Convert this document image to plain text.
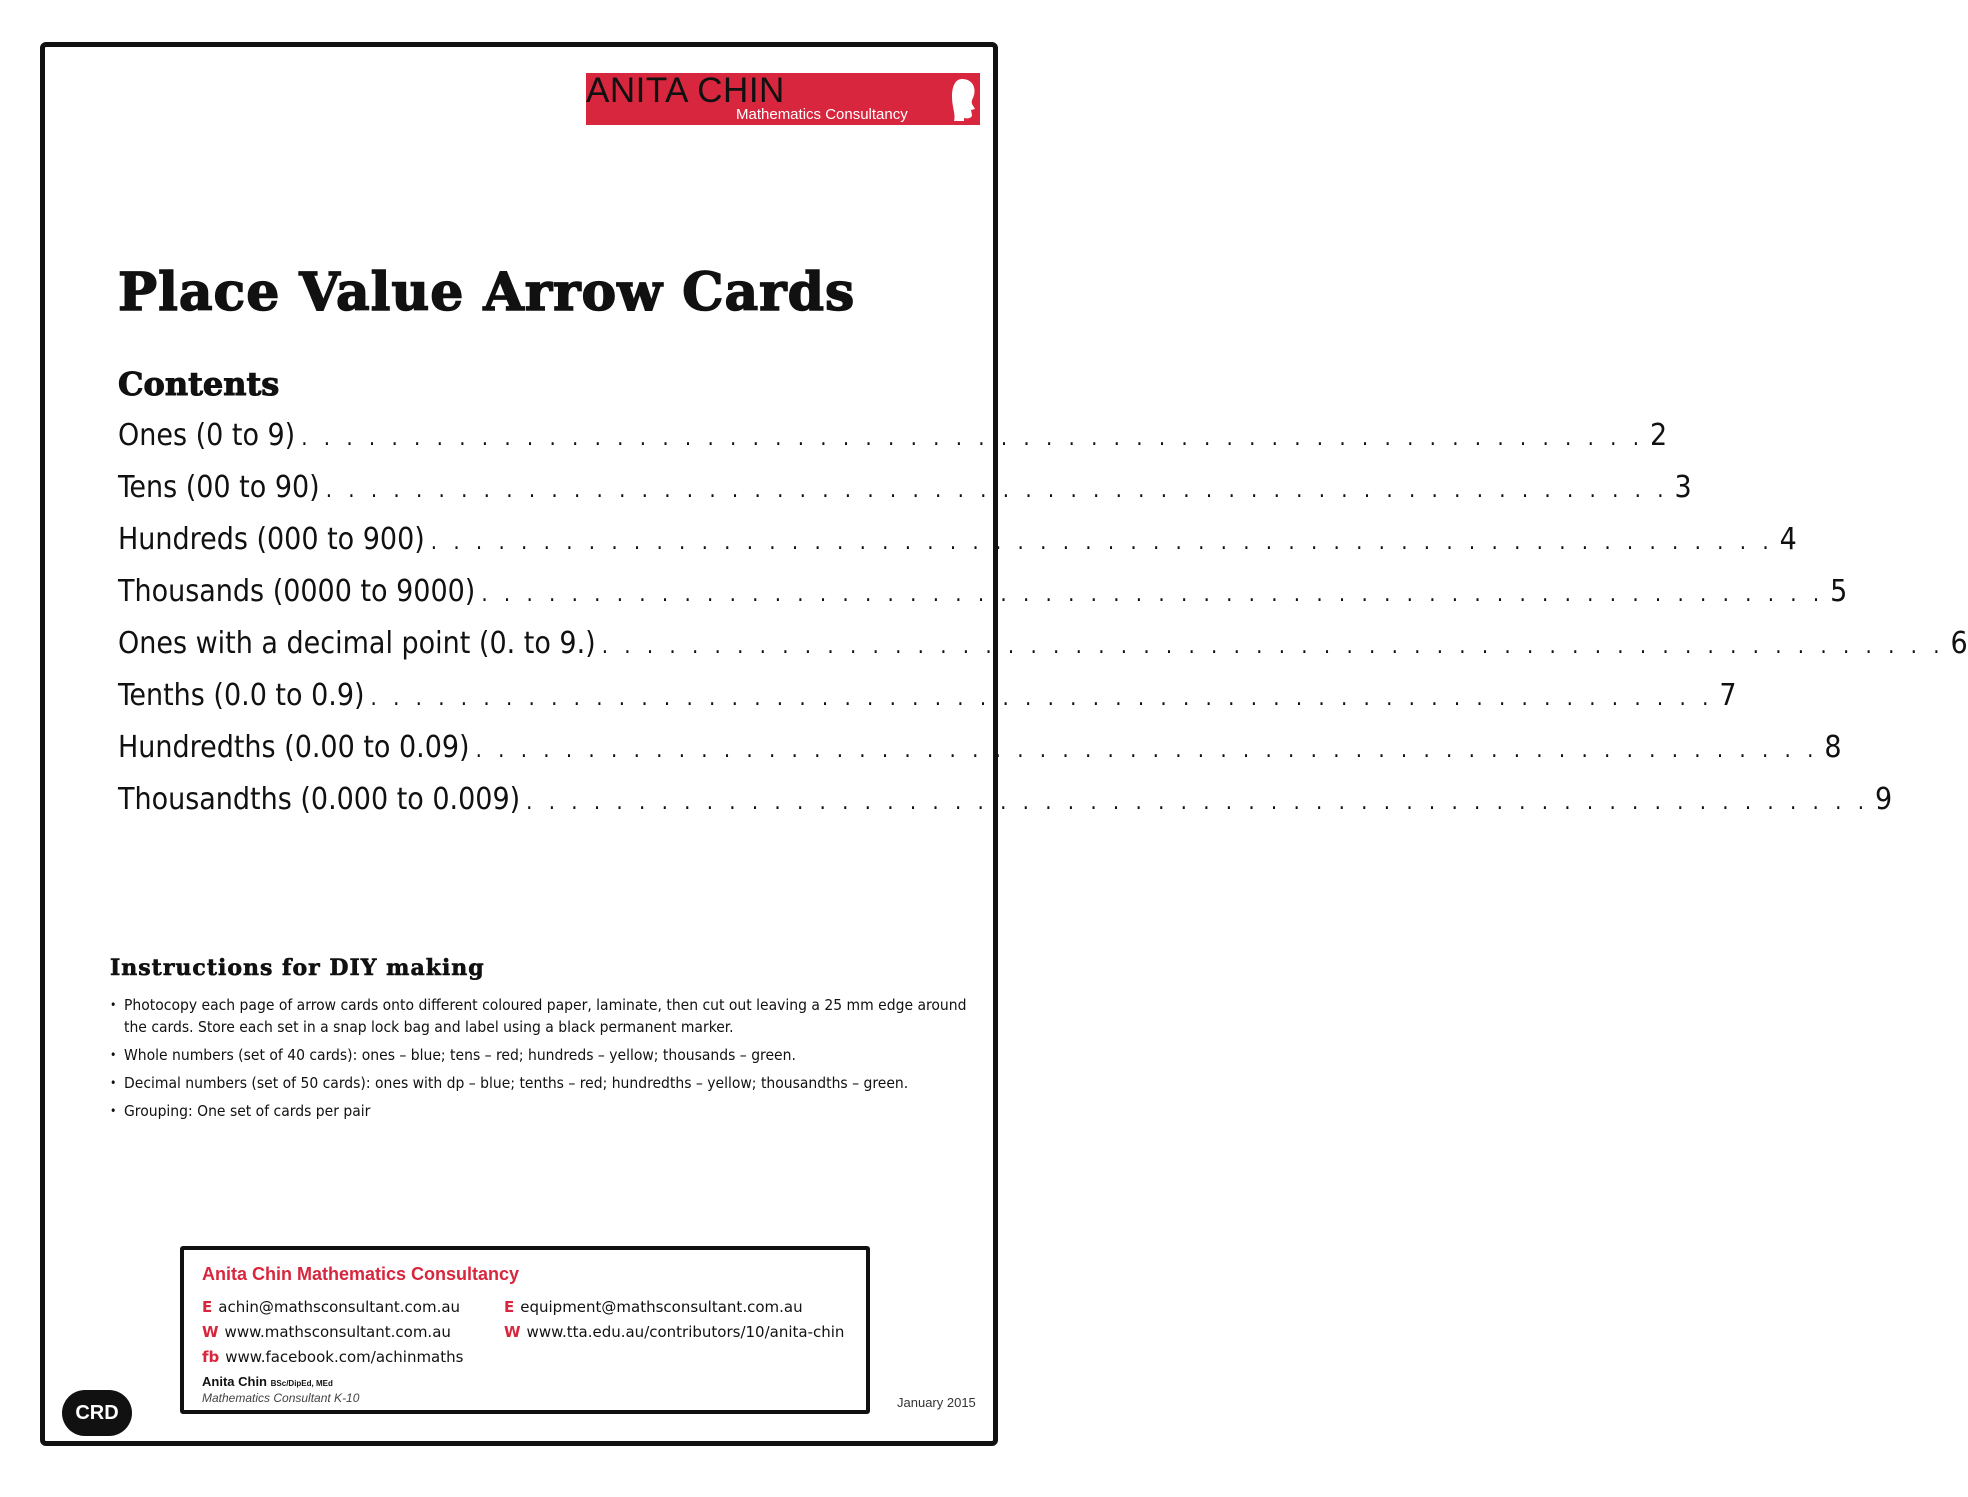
ANITA CHIN
Mathematics Consultancy
Place Value Arrow Cards
Contents
Ones (0 to 9) . . . . . . . . . . . . . . . . . . . . . . . . . . . . . . . . . . . . . . . . . . . . . . . . . . . . . . . . . . . . 2
Tens (00 to 90) . . . . . . . . . . . . . . . . . . . . . . . . . . . . . . . . . . . . . . . . . . . . . . . . . . . . . . . . . . . . 3
Hundreds (000 to 900) . . . . . . . . . . . . . . . . . . . . . . . . . . . . . . . . . . . . . . . . . . . . . . . . . . . . . . . . . . . . 4
Thousands (0000 to 9000) . . . . . . . . . . . . . . . . . . . . . . . . . . . . . . . . . . . . . . . . . . . . . . . . . . . . . . . . . . . . 5
Ones with a decimal point (0. to 9.) . . . . . . . . . . . . . . . . . . . . . . . . . . . . . . . . . . . . . . . . . . . . . . . . . . . . . . . . . . . . 6
Tenths (0.0 to 0.9) . . . . . . . . . . . . . . . . . . . . . . . . . . . . . . . . . . . . . . . . . . . . . . . . . . . . . . . . . . . . 7
Hundredths (0.00 to 0.09) . . . . . . . . . . . . . . . . . . . . . . . . . . . . . . . . . . . . . . . . . . . . . . . . . . . . . . . . . . . . 8
Thousandths (0.000 to 0.009) . . . . . . . . . . . . . . . . . . . . . . . . . . . . . . . . . . . . . . . . . . . . . . . . . . . . . . . . . . . . 9
Instructions for DIY making
• Photocopy each page of arrow cards onto different coloured paper, laminate, then cut out leaving a 25 mm edge around the cards. Store each set in a snap lock bag and label using a black permanent marker.
• Whole numbers (set of 40 cards): ones – blue; tens – red; hundreds – yellow; thousands – green.
• Decimal numbers (set of 50 cards): ones with dp – blue; tenths – red; hundredths – yellow; thousandths – green.
• Grouping: One set of cards per pair
Anita Chin Mathematics Consultancy
E achin@mathsconsultant.com.au	E equipment@mathsconsultant.com.au
W www.mathsconsultant.com.au	W www.tta.edu.au/contributors/10/anita-chin
fb www.facebook.com/achinmaths
Anita Chin BSc/DipEd, MEd
Mathematics Consultant K-10
CRD	January 2015
